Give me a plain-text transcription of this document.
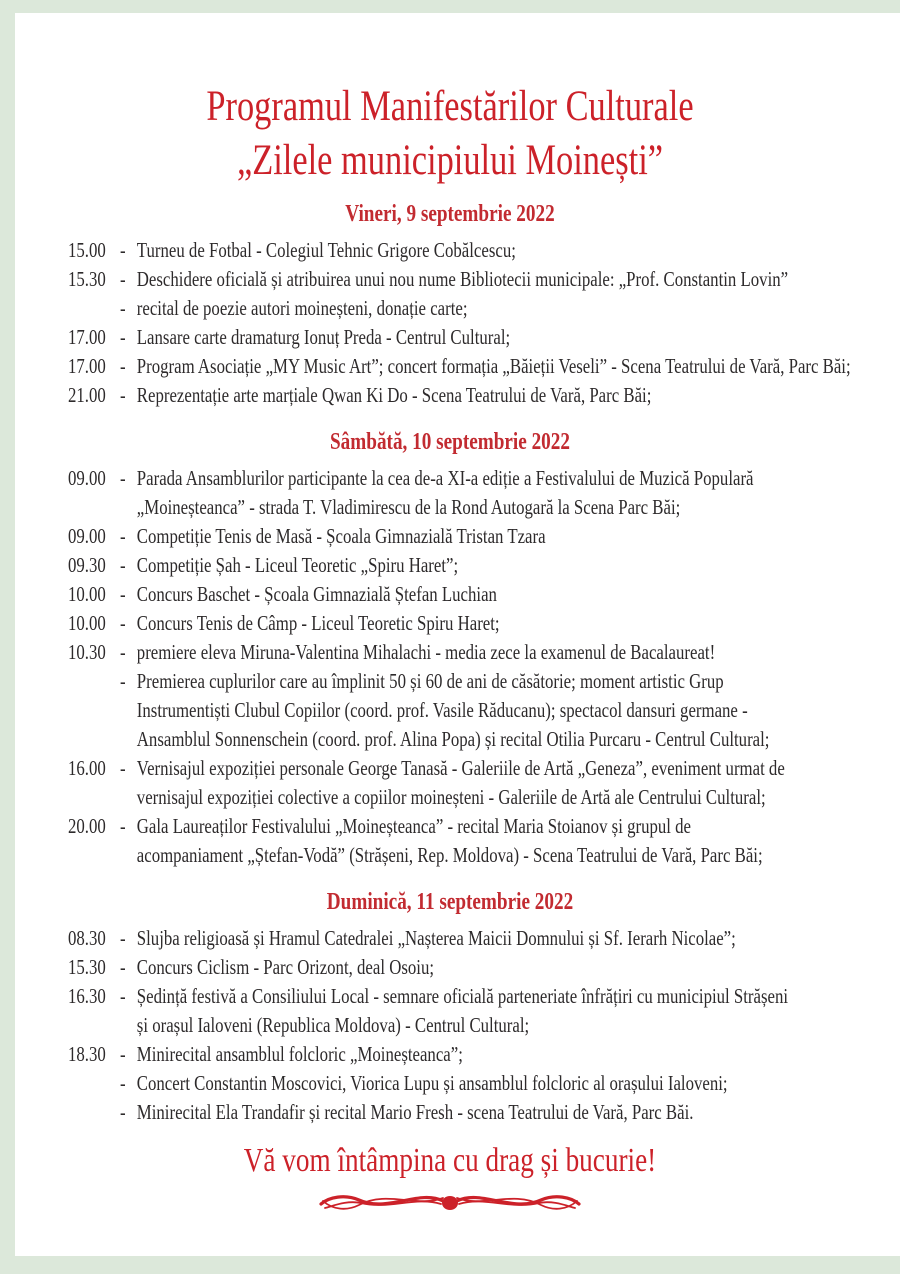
Programul Manifestărilor Culturale
„Zilele municipiului Moinești”
Vineri, 9 septembrie 2022
15.00 - Turneu de Fotbal - Colegiul Tehnic Grigore Cobălcescu;
15.30 - Deschidere oficială și atribuirea unui nou nume Bibliotecii municipale: „Prof. Constantin Lovin”
- recital de poezie autori moineșteni, donație carte;
17.00 - Lansare carte dramaturg Ionuț Preda - Centrul Cultural;
17.00 - Program Asociație „MY Music Art”; concert formația „Băieții Veseli” - Scena Teatrului de Vară, Parc Băi;
21.00 - Reprezentație arte marțiale Qwan Ki Do - Scena Teatrului de Vară, Parc Băi;
Sâmbătă, 10 septembrie 2022
09.00 - Parada Ansamblurilor participante la cea de-a XI-a ediție a Festivalului de Muzică Populară
„Moineșteanca” - strada T. Vladimirescu de la Rond Autogară la Scena Parc Băi;
09.00 - Competiție Tenis de Masă - Școala Gimnazială Tristan Tzara
09.30 - Competiție Șah - Liceul Teoretic „Spiru Haret”;
10.00 - Concurs Baschet - Școala Gimnazială Ștefan Luchian
10.00 - Concurs Tenis de Câmp - Liceul Teoretic Spiru Haret;
10.30 - premiere eleva Miruna-Valentina Mihalachi - media zece la examenul de Bacalaureat!
- Premierea cuplurilor care au împlinit 50 și 60 de ani de căsătorie; moment artistic Grup
Instrumentiști Clubul Copiilor (coord. prof. Vasile Răducanu); spectacol dansuri germane -
Ansamblul Sonnenschein (coord. prof. Alina Popa) și recital Otilia Purcaru - Centrul Cultural;
16.00 - Vernisajul expoziției personale George Tanasă - Galeriile de Artă „Geneza”, eveniment urmat de
vernisajul expoziției colective a copiilor moineșteni - Galeriile de Artă ale Centrului Cultural;
20.00 - Gala Laureaților Festivalului „Moineșteanca” - recital Maria Stoianov și grupul de
acompaniament „Ștefan-Vodă” (Strășeni, Rep. Moldova) - Scena Teatrului de Vară, Parc Băi;
Duminică, 11 septembrie 2022
08.30 - Slujba religioasă și Hramul Catedralei „Nașterea Maicii Domnului și Sf. Ierarh Nicolae”;
15.30 - Concurs Ciclism - Parc Orizont, deal Osoiu;
16.30 - Ședință festivă a Consiliului Local - semnare oficială parteneriate înfrățiri cu municipiul Strășeni
și orașul Ialoveni (Republica Moldova) - Centrul Cultural;
18.30 - Minirecital ansamblul folcloric „Moineșteanca”;
- Concert Constantin Moscovici, Viorica Lupu și ansamblul folcloric al orașului Ialoveni;
- Minirecital Ela Trandafir și recital Mario Fresh - scena Teatrului de Vară, Parc Băi.
Vă vom întâmpina cu drag și bucurie!
